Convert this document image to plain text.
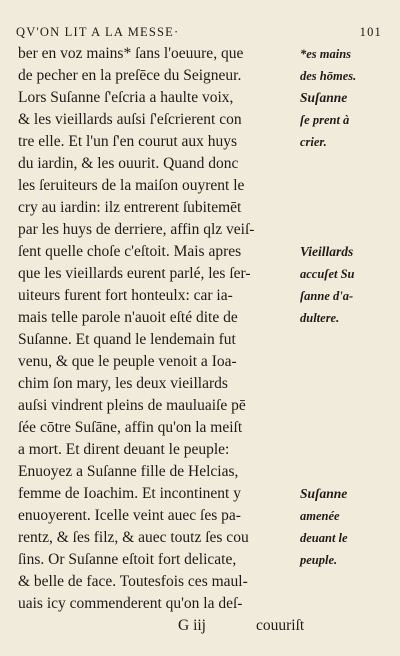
QV'ON LIT A LA MESSE·	101
ber en voz mains* ſans l'oeuure, que	*es mains
de pecher en la preſēce du Seigneur.	des hōmes.
Lors Suſanne ſ'eſcria a haulte voix,	Suſanne
& les vieillards auſsi ſ'eſcrierent con	ſe prent à
tre elle. Et l'un ſ'en courut aux huys	crier.
du iardin, & les ouurit. Quand donc
les ſeruiteurs de la maiſon ouyrent le
cry au iardin: ilz entrerent ſubitemēt
par les huys de derriere, affin qlz veiſ-
ſent quelle choſe c'eſtoit. Mais apres	Vieillards
que les vieillards eurent parlé, les ſer-	accuſet Su
uiteurs furent fort honteulx: car ia-	ſanne d'a-
mais telle parole n'auoit eſté dite de	dultere.
Suſanne. Et quand le lendemain fut
venu, & que le peuple venoit a Ioa-
chim ſon mary, les deux vieillards
auſsi vindrent pleins de mauluaiſe pē
ſée cōtre Suſāne, affin qu'on la meiſt
a mort. Et dirent deuant le peuple:
Enuoyez a Suſanne fille de Helcias,
femme de Ioachim. Et incontinent y	Suſanne
enuoyerent. Icelle veint auec ſes pa-	amenée
rentz, & ſes filz, & auec toutz ſes cou	deuant le
ſins. Or Suſanne eſtoit fort delicate,	peuple.
& belle de face. Toutesfois ces maul-
uais icy commenderent qu'on la deſ-
G iij	couuriſt
